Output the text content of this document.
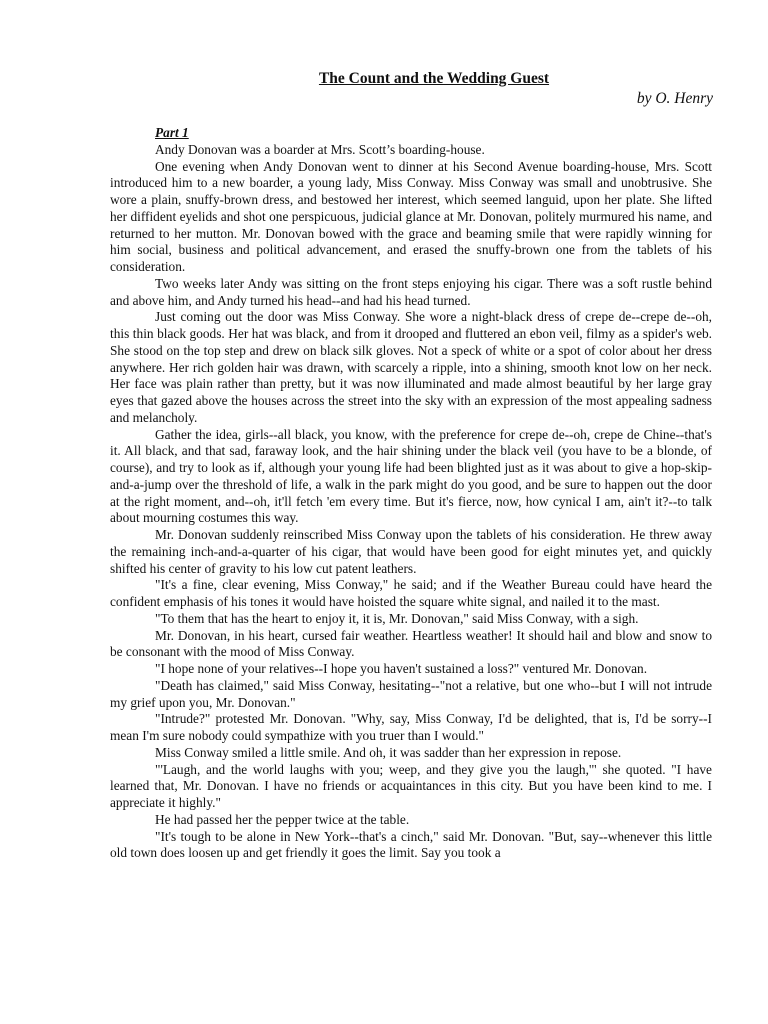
The Count and the Wedding Guest
by O. Henry
Part 1

Andy Donovan was a boarder at Mrs. Scott’s boarding-house.

One evening when Andy Donovan went to dinner at his Second Avenue boarding-house, Mrs. Scott introduced him to a new boarder, a young lady, Miss Conway. Miss Conway was small and unobtrusive. She wore a plain, snuffy-brown dress, and bestowed her interest, which seemed languid, upon her plate. She lifted her diffident eyelids and shot one perspicuous, judicial glance at Mr. Donovan, politely murmured his name, and returned to her mutton. Mr. Donovan bowed with the grace and beaming smile that were rapidly winning for him social, business and political advancement, and erased the snuffy-brown one from the tablets of his consideration.

Two weeks later Andy was sitting on the front steps enjoying his cigar. There was a soft rustle behind and above him, and Andy turned his head--and had his head turned.

Just coming out the door was Miss Conway. She wore a night-black dress of crepe de--crepe de--oh, this thin black goods. Her hat was black, and from it drooped and fluttered an ebon veil, filmy as a spider's web. She stood on the top step and drew on black silk gloves. Not a speck of white or a spot of color about her dress anywhere. Her rich golden hair was drawn, with scarcely a ripple, into a shining, smooth knot low on her neck. Her face was plain rather than pretty, but it was now illuminated and made almost beautiful by her large gray eyes that gazed above the houses across the street into the sky with an expression of the most appealing sadness and melancholy.

Gather the idea, girls--all black, you know, with the preference for crepe de--oh, crepe de Chine--that's it. All black, and that sad, faraway look, and the hair shining under the black veil (you have to be a blonde, of course), and try to look as if, although your young life had been blighted just as it was about to give a hop-skip-and-a-jump over the threshold of life, a walk in the park might do you good, and be sure to happen out the door at the right moment, and--oh, it'll fetch 'em every time. But it's fierce, now, how cynical I am, ain't it?--to talk about mourning costumes this way.

Mr. Donovan suddenly reinscribed Miss Conway upon the tablets of his consideration. He threw away the remaining inch-and-a-quarter of his cigar, that would have been good for eight minutes yet, and quickly shifted his center of gravity to his low cut patent leathers.

"It's a fine, clear evening, Miss Conway," he said; and if the Weather Bureau could have heard the confident emphasis of his tones it would have hoisted the square white signal, and nailed it to the mast.

"To them that has the heart to enjoy it, it is, Mr. Donovan," said Miss Conway, with a sigh.

Mr. Donovan, in his heart, cursed fair weather. Heartless weather! It should hail and blow and snow to be consonant with the mood of Miss Conway.

"I hope none of your relatives--I hope you haven't sustained a loss?" ventured Mr. Donovan.

"Death has claimed," said Miss Conway, hesitating--"not a relative, but one who--but I will not intrude my grief upon you, Mr. Donovan."

"Intrude?" protested Mr. Donovan. "Why, say, Miss Conway, I'd be delighted, that is, I'd be sorry--I mean I'm sure nobody could sympathize with you truer than I would."

Miss Conway smiled a little smile. And oh, it was sadder than her expression in repose.

"'Laugh, and the world laughs with you; weep, and they give you the laugh,'" she quoted. "I have learned that, Mr. Donovan. I have no friends or acquaintances in this city. But you have been kind to me. I appreciate it highly."

He had passed her the pepper twice at the table.

"It's tough to be alone in New York--that's a cinch," said Mr. Donovan. "But, say--whenever this little old town does loosen up and get friendly it goes the limit. Say you took a
